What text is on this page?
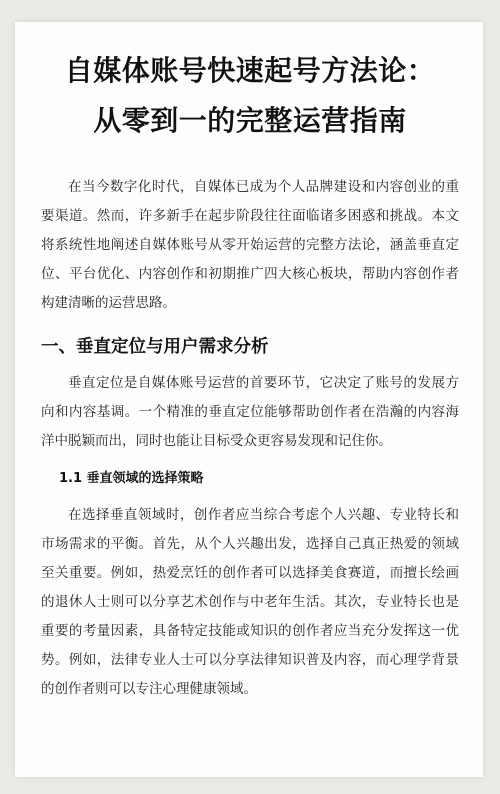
自媒体账号快速起号方法论：
从零到一的完整运营指南

在当今数字化时代，自媒体已成为个人品牌建设和内容创业的重要渠道。然而，许多新手在起步阶段往往面临诸多困惑和挑战。本文将系统性地阐述自媒体账号从零开始运营的完整方法论，涵盖垂直定位、平台优化、内容创作和初期推广四大核心板块，帮助内容创作者构建清晰的运营思路。

一、垂直定位与用户需求分析

垂直定位是自媒体账号运营的首要环节，它决定了账号的发展方向和内容基调。一个精准的垂直定位能够帮助创作者在浩瀚的内容海洋中脱颖而出，同时也能让目标受众更容易发现和记住你。

1.1 垂直领域的选择策略

在选择垂直领域时，创作者应当综合考虑个人兴趣、专业特长和市场需求的平衡。首先，从个人兴趣出发，选择自己真正热爱的领域至关重要。例如，热爱烹饪的创作者可以选择美食赛道，而擅长绘画的退休人士则可以分享艺术创作与中老年生活。其次，专业特长也是重要的考量因素，具备特定技能或知识的创作者应当充分发挥这一优势。例如，法律专业人士可以分享法律知识普及内容，而心理学背景的创作者则可以专注心理健康领域。
